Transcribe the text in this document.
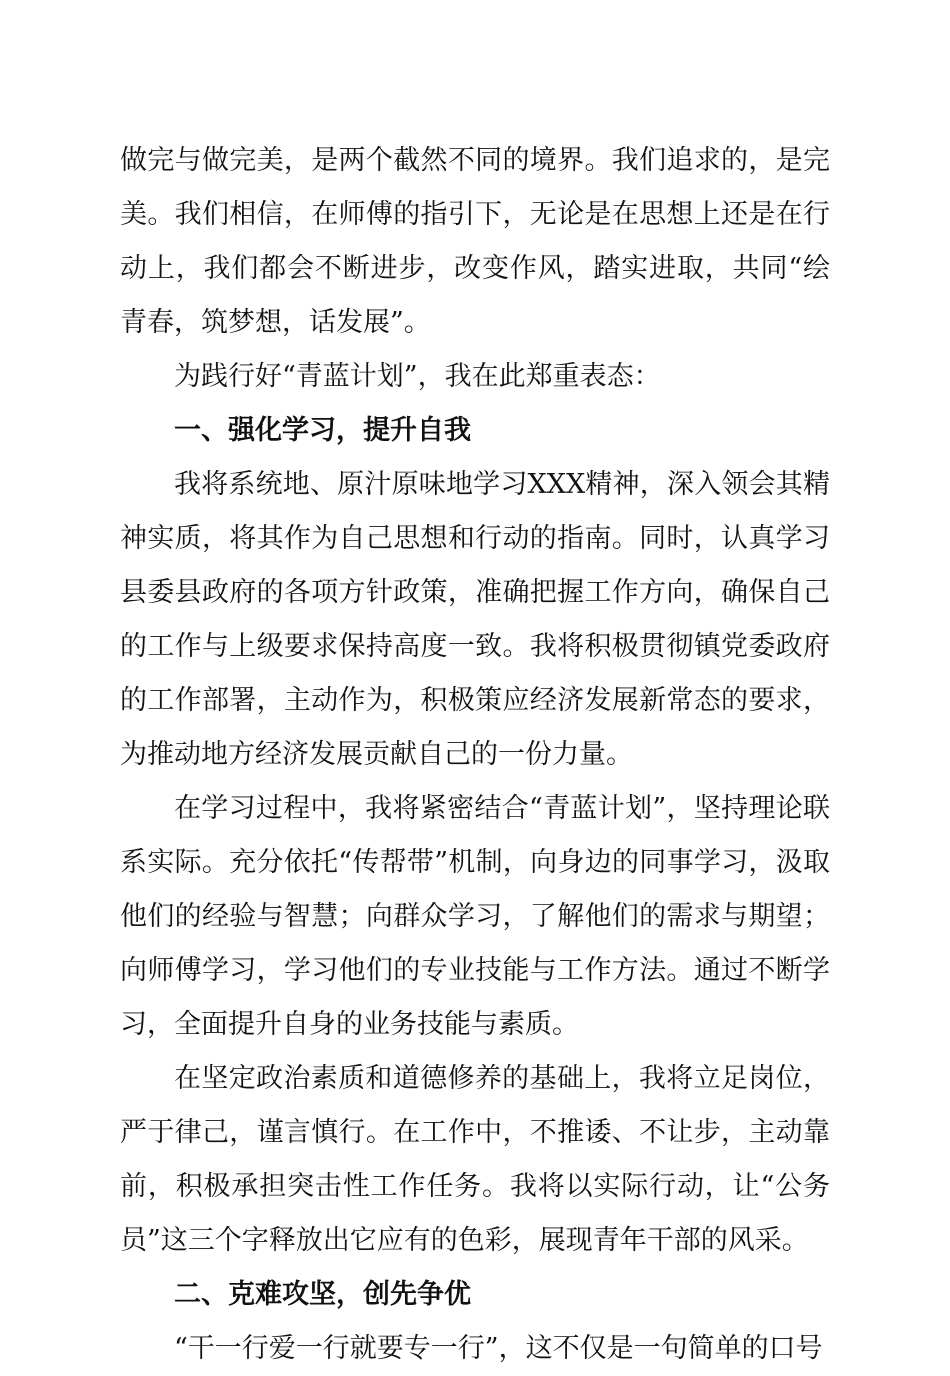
做完与做完美，是两个截然不同的境界。我们追求的，是完美。我们相信，在师傅的指引下，无论是在思想上还是在行动上，我们都会不断进步，改变作风，踏实进取，共同“绘青春，筑梦想，话发展”。

为践行好“青蓝计划”，我在此郑重表态：

一、强化学习，提升自我

我将系统地、原汁原味地学习XXX精神，深入领会其精神实质，将其作为自己思想和行动的指南。同时，认真学习县委县政府的各项方针政策，准确把握工作方向，确保自己的工作与上级要求保持高度一致。我将积极贯彻镇党委政府的工作部署，主动作为，积极策应经济发展新常态的要求，为推动地方经济发展贡献自己的一份力量。

在学习过程中，我将紧密结合“青蓝计划”，坚持理论联系实际。充分依托“传帮带”机制，向身边的同事学习，汲取他们的经验与智慧；向群众学习，了解他们的需求与期望；向师傅学习，学习他们的专业技能与工作方法。通过不断学习，全面提升自身的业务技能与素质。

在坚定政治素质和道德修养的基础上，我将立足岗位，严于律己，谨言慎行。在工作中，不推诿、不让步，主动靠前，积极承担突击性工作任务。我将以实际行动，让“公务员”这三个字释放出它应有的色彩，展现青年干部的风采。

二、克难攻坚，创先争优

“干一行爱一行就要专一行”，这不仅是一句简单的口号
